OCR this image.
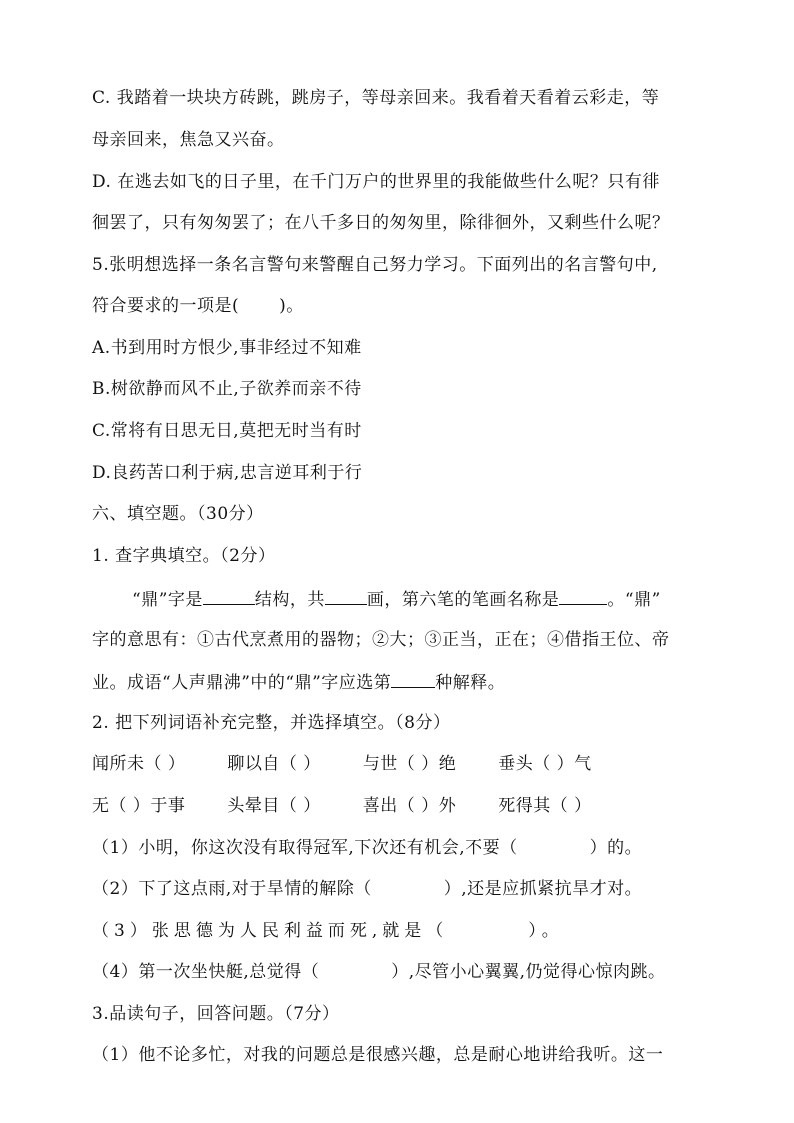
C. 我踏着一块块方砖跳，跳房子，等母亲回来。我看着天看着云彩走，等
母亲回来，焦急又兴奋。
D. 在逃去如飞的日子里，在千门万户的世界里的我能做些什么呢？只有徘
徊罢了，只有匆匆罢了；在八千多日的匆匆里，除徘徊外，又剩些什么呢？
5.张明想选择一条名言警句来警醒自己努力学习。下面列出的名言警句中,
符合要求的一项是( )。
A.书到用时方恨少,事非经过不知难
B.树欲静而风不止,子欲养而亲不待
C.常将有日思无日,莫把无时当有时
D.良药苦口利于病,忠言逆耳利于行
六、填空题。（30分）
1. 查字典填空。（2分）
“鼎”字是	结构，共 画，第六笔的笔画名称是	。“鼎”
字的意思有：①古代烹煮用的器物；②大；③正当，正在；④借指王位、帝
业。成语“人声鼎沸”中的“鼎”字应选第	种解释。
2. 把下列词语补充完整，并选择填空。（8分）
闻所未（ ） 聊以自（ ） 与世（ ）绝 垂头（ ）气
无（ ）于事 头晕目（ ） 喜出（ ）外 死得其（ ）
（1）小明，你这次没有取得冠军,下次还有机会,不要（	）的。
（2）下了这点雨,对于旱情的解除（	）,还是应抓紧抗旱才对。
（3）张思德为人民利益而死,就是（	）。
（4）第一次坐快艇,总觉得（	）,尽管小心翼翼,仍觉得心惊肉跳。
3.品读句子，回答问题。（7分）
（1）他不论多忙，对我的问题总是很感兴趣，总是耐心地讲给我听。这一
